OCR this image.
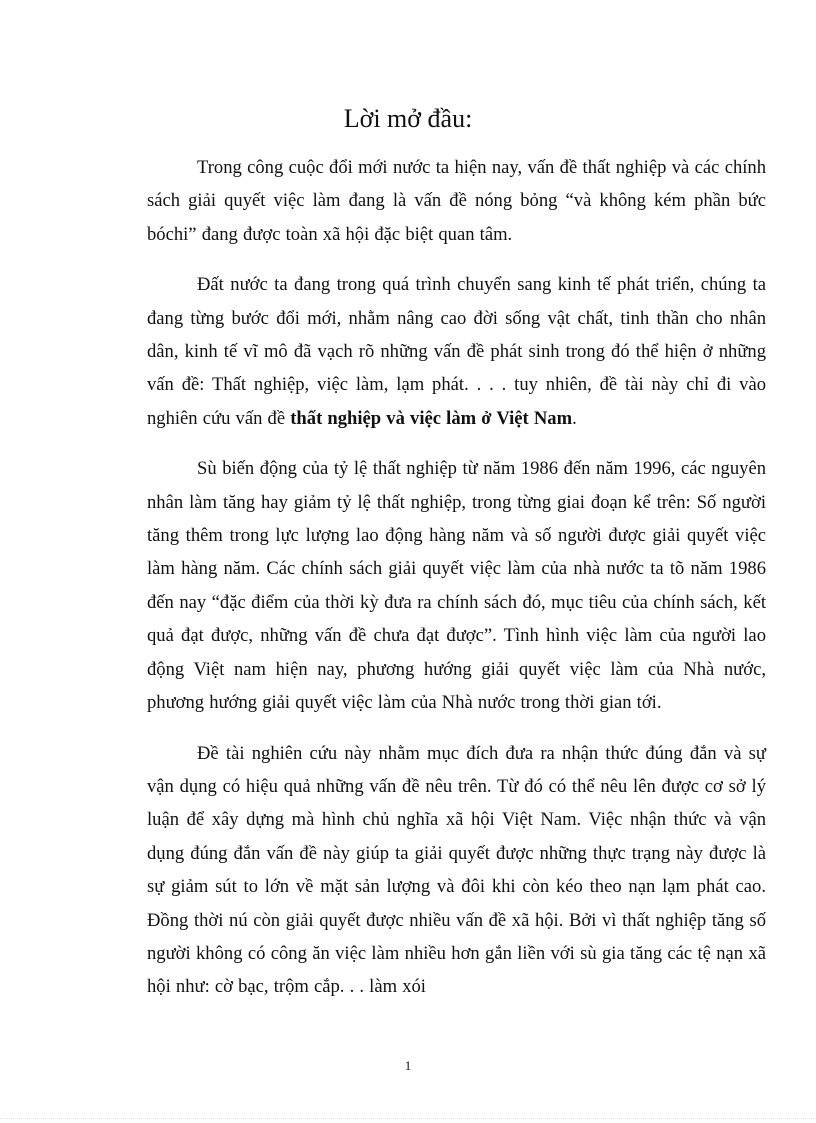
Lời mở đầu:

Trong công cuộc đổi mới nước ta hiện nay, vấn đề thất nghiệp và các chính sách giải quyết việc làm đang là vấn đề nóng bỏng “và không kém phần bức bóchi” đang được toàn xã hội đặc biệt quan tâm.

Đất nước ta đang trong quá trình chuyển sang kinh tế phát triển, chúng ta đang từng bước đổi mới, nhằm nâng cao đời sống vật chất, tinh thần cho nhân dân, kinh tế vĩ mô đã vạch rõ những vấn đề phát sinh trong đó thể hiện ở những vấn đề: Thất nghiệp, việc làm, lạm phát. . . . tuy nhiên, đề tài này chỉ đi vào nghiên cứu vấn đề thất nghiệp và việc làm ở Việt Nam.

Sù biến động của tỷ lệ thất nghiệp từ năm 1986 đến năm 1996, các nguyên nhân làm tăng hay giảm tỷ lệ thất nghiệp, trong từng giai đoạn kể trên: Số người tăng thêm trong lực lượng lao động hàng năm và số người được giải quyết việc làm hàng năm. Các chính sách giải quyết việc làm của nhà nước ta tõ năm 1986 đến nay “đặc điểm của thời kỳ đưa ra chính sách đó, mục tiêu của chính sách, kết quả đạt được, những vấn đề chưa đạt được”. Tình hình việc làm của người lao động Việt nam hiện nay, phương hướng giải quyết việc làm của Nhà nước, phương hướng giải quyết việc làm của Nhà nước trong thời gian tới.

Đề tài nghiên cứu này nhằm mục đích đưa ra nhận thức đúng đắn và sự vận dụng có hiệu quả những vấn đề nêu trên. Từ đó có thể nêu lên được cơ sở lý luận để xây dựng mà hình chủ nghĩa xã hội Việt Nam. Việc nhận thức và vận dụng đúng đắn vấn đề này giúp ta giải quyết được những thực trạng này được là sự giảm sút to lớn về mặt sản lượng và đôi khi còn kéo theo nạn lạm phát cao. Đồng thời nú còn giải quyết được nhiều vấn đề xã hội. Bởi vì thất nghiệp tăng số người không có công ăn việc làm nhiều hơn gắn liền với sù gia tăng các tệ nạn xã hội như: cờ bạc, trộm cắp. . . làm xói

1
